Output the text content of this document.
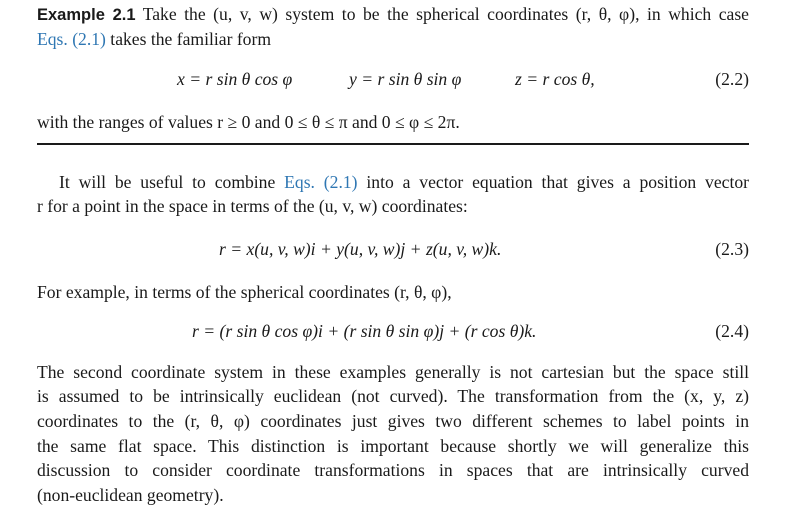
Example 2.1 Take the (u, v, w) system to be the spherical coordinates (r, θ, φ), in which case
Eqs. (2.1) takes the familiar form
x = r sin θ cos φ	y = r sin θ sin φ	z = r cos θ,	(2.2)
with the ranges of values r ≥ 0 and 0 ≤ θ ≤ π and 0 ≤ φ ≤ 2π.
It will be useful to combine Eqs. (2.1) into a vector equation that gives a position vector
r for a point in the space in terms of the (u, v, w) coordinates:
r = x(u, v, w)i + y(u, v, w)j + z(u, v, w)k.	(2.3)
For example, in terms of the spherical coordinates (r, θ, φ),
r = (r sin θ cos φ)i + (r sin θ sin φ)j + (r cos θ)k.	(2.4)
The second coordinate system in these examples generally is not cartesian but the space still
is assumed to be intrinsically euclidean (not curved). The transformation from the (x, y, z)
coordinates to the (r, θ, φ) coordinates just gives two different schemes to label points in
the same flat space. This distinction is important because shortly we will generalize this
discussion to consider coordinate transformations in spaces that are intrinsically curved
(non-euclidean geometry).
